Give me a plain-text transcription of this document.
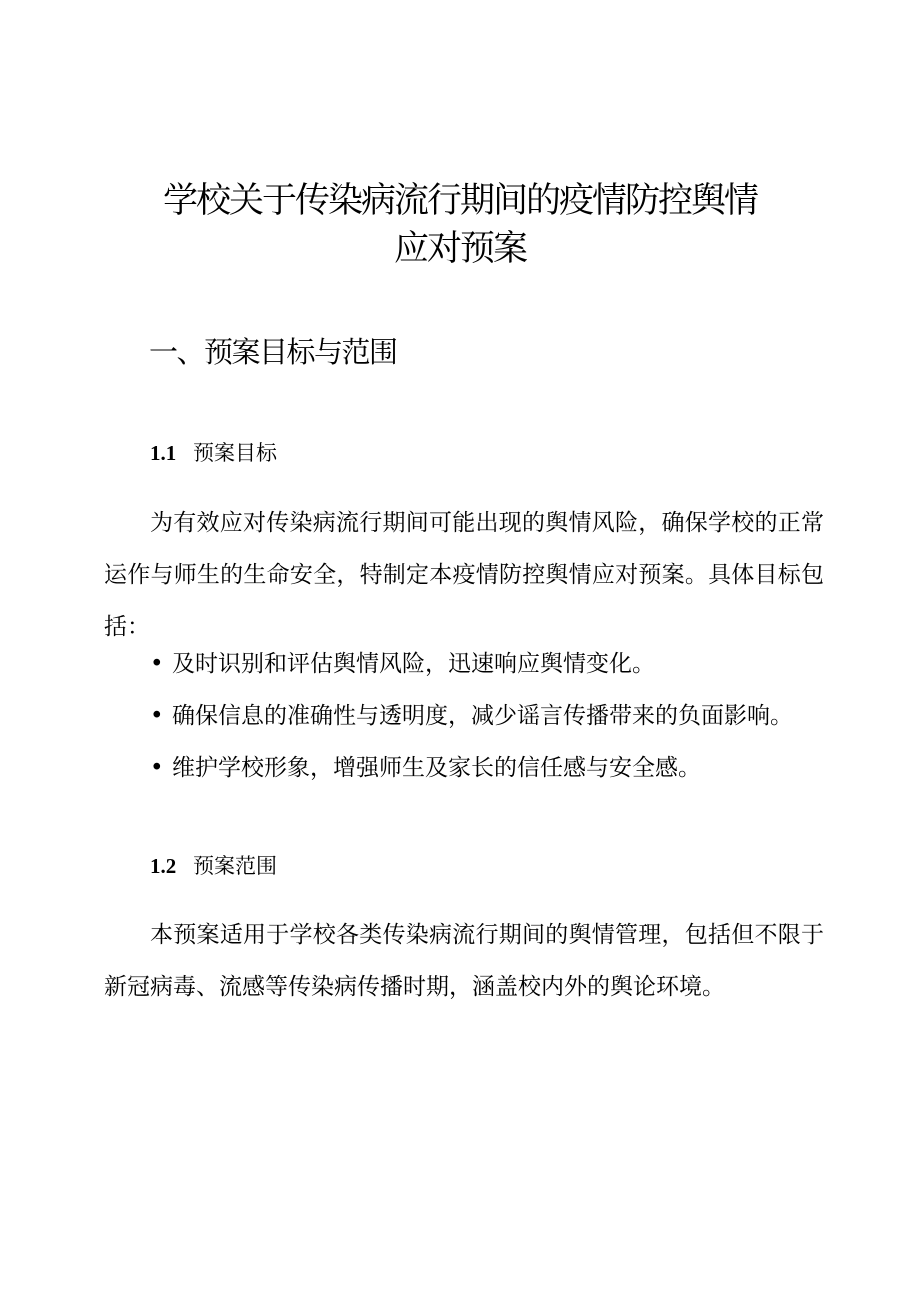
学校关于传染病流行期间的疫情防控舆情
应对预案
一、预案目标与范围
1.1 预案目标

为有效应对传染病流行期间可能出现的舆情风险，确保学校的正常运作与师生的生命安全，特制定本疫情防控舆情应对预案。具体目标包括：

• 及时识别和评估舆情风险，迅速响应舆情变化。
• 确保信息的准确性与透明度，减少谣言传播带来的负面影响。
• 维护学校形象，增强师生及家长的信任感与安全感。
1.2 预案范围

本预案适用于学校各类传染病流行期间的舆情管理，包括但不限于新冠病毒、流感等传染病传播时期，涵盖校内外的舆论环境。
